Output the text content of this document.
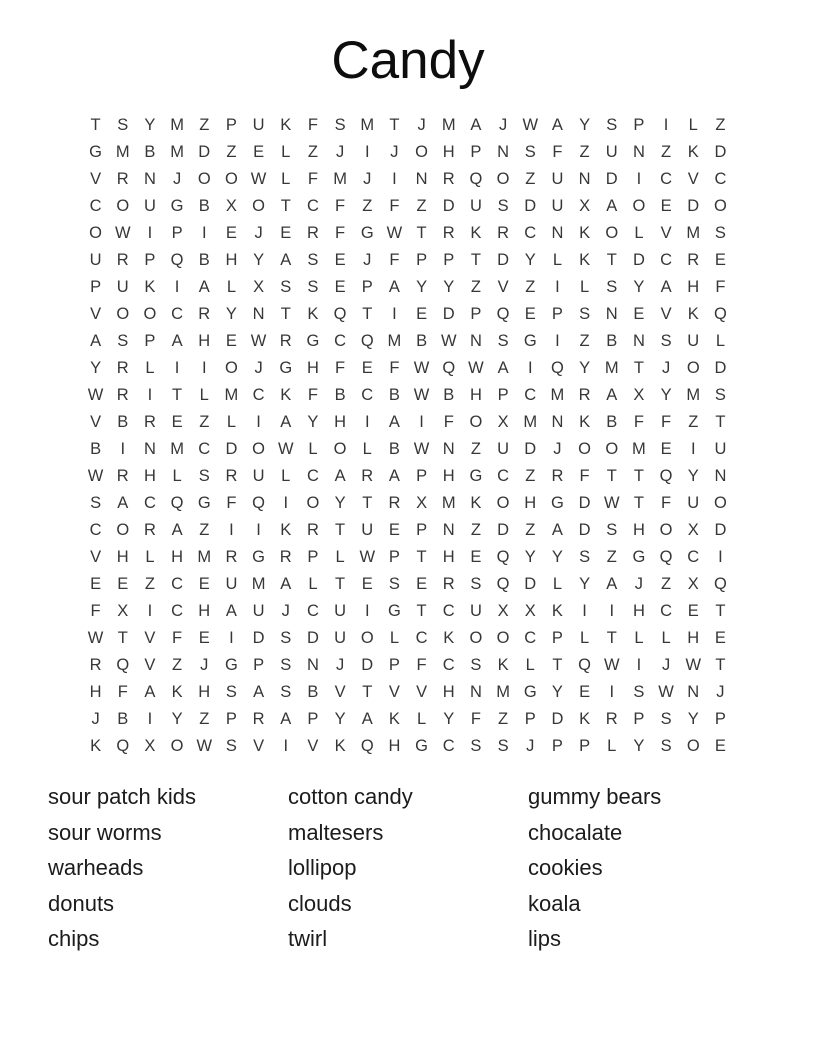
Candy
T	S Y M Z	P U K	F	S M T	J M A	J W A Y S P	I	L	Z
G M B M D Z	E	L	Z	J	I	J	O H P N S	F	Z U N Z	K D
V R N	J	O O W L	F M J	I	N R Q O Z U N D	I	C V C
C O U G B X O T C F	Z	F	Z D U S D U X A O E D O
O W	I	P	I	E	J	E R F G W T R K R C N K O L	V M S
U R P Q B H Y A S E	J	F	P P	T D Y	L	K	T D C R E
P U K	I	A	L	X S S E P A Y Y	Z	V	Z	I	L	S Y A H F
V O O C R Y N T	K Q T	I	E D P Q E P S N E V K Q
A S P A H E W R G C Q M B W N S G	I	Z	B N S U	L
Y R	L	I	I	O	J	G H F	E	F W Q W A	I	Q Y M T	J	O D
W R	I	T	L M C K	F	B C B W B H P C M R A X Y M S
V B R E	Z	L	I	A Y H	I	A	I	F O X M N K B	F	F	Z	T
B	I	N M C D O W L O L	B W N Z U D	J	O O M E	I	U
W R H	L	S R U	L	C A R A P H G C Z R F	T	T Q Y N
S A C Q G F Q	I	O Y	T R X M K O H G D W T	F U O
C O R A	Z	I	I	K R T U E P N Z D Z	A D S H O X D
V H	L	H M R G R P	L W P	T H E Q Y Y S	Z G Q C	I
E E	Z C E U M A	L	T	E S E R S Q D	L	Y A	J	Z	X Q
F	X	I	C H A U	J	C U	I	G T C U X X K	I	I	H C E	T
W T	V	F	E	I	D S D U O L	C K O O C P	L	T	L	L	H E
R Q V	Z	J	G P S N	J	D P	F C S K	L	T Q W	I	J W T
H F	A K H S A S B V	T	V V H N M G Y E	I	S W N	J
J	B	I	Y	Z	P R A P Y A K	L	Y	F	Z	P D K R P S Y P
K Q X O W S V	I	V K Q H G C S S	J	P P	L	Y S O E
sour patch kids
sour worms
warheads
donuts
chips
cotton candy
maltesers
lollipop
clouds
twirl
gummy bears
chocalate
cookies
koala
lips
